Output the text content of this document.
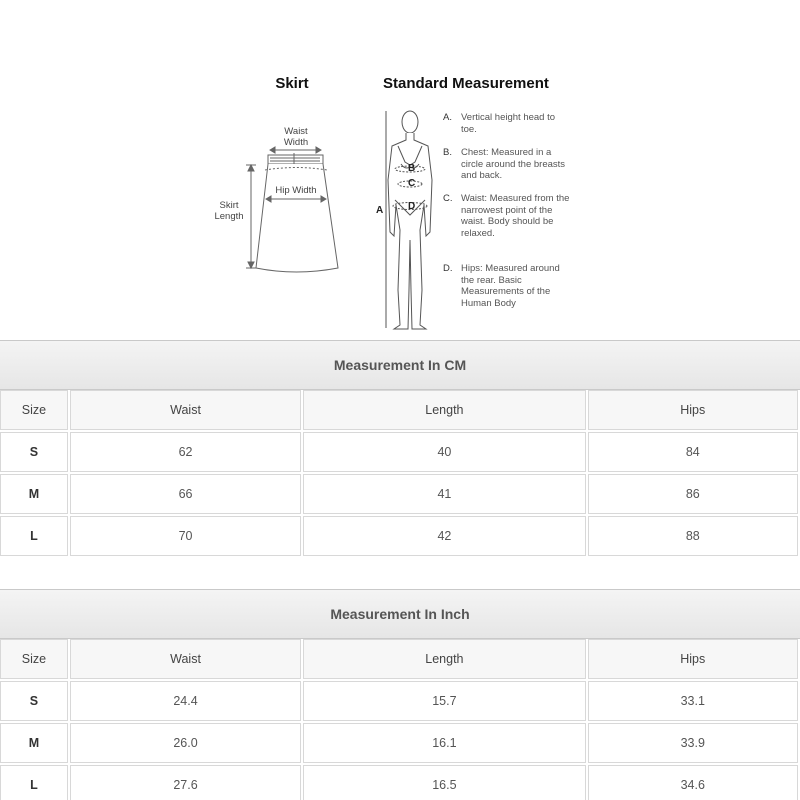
Skirt	Standard Measurement
Waist
Width
Hip Width
Skirt
Length
A
B
C
D
A. Vertical height head to toe.
B. Chest: Measured in a circle around the breasts and back.
C. Waist: Measured from the narrowest point of the waist. Body should be relaxed.
D. Hips: Measured around the rear. Basic Measurements of the Human Body
Measurement In CM
Size	Waist	Length	Hips
S	62	40	84
M	66	41	86
L	70	42	88
Measurement In Inch
Size	Waist	Length	Hips
S	24.4	15.7	33.1
M	26.0	16.1	33.9
L	27.6	16.5	34.6
